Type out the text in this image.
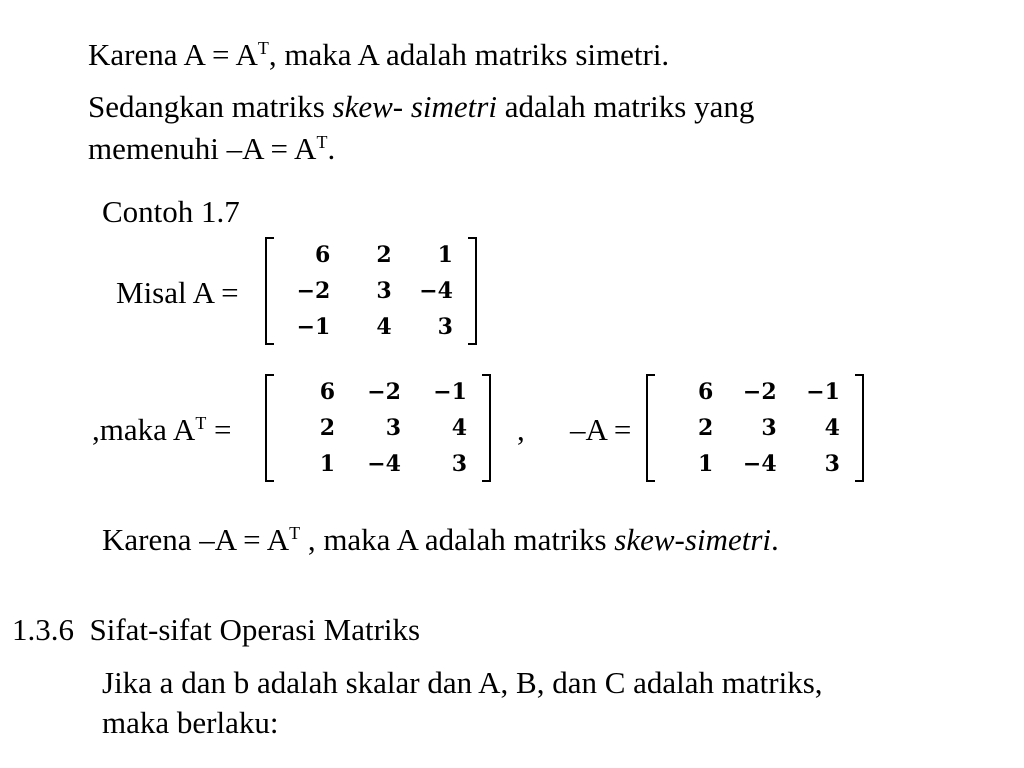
Karena $A = A^T$, maka A adalah matriks simetri.
Sedangkan matriks skew- simetri adalah matriks yang
memenuhi $-A = A^T$.
Contoh 1.7
Misal A =
6	2	1
−2	3	−4
−1	4	3
,maka $A^T$ =
6	−2	−1
2	3	4
1	−4	3
, –A =
6	−2	−1
2	3	4
1	−4	3
Karena $-A = A^T$ , maka A adalah matriks skew-simetri.
1.3.6  Sifat-sifat Operasi Matriks
Jika a dan b adalah skalar dan A, B, dan C adalah matriks,
maka berlaku:
